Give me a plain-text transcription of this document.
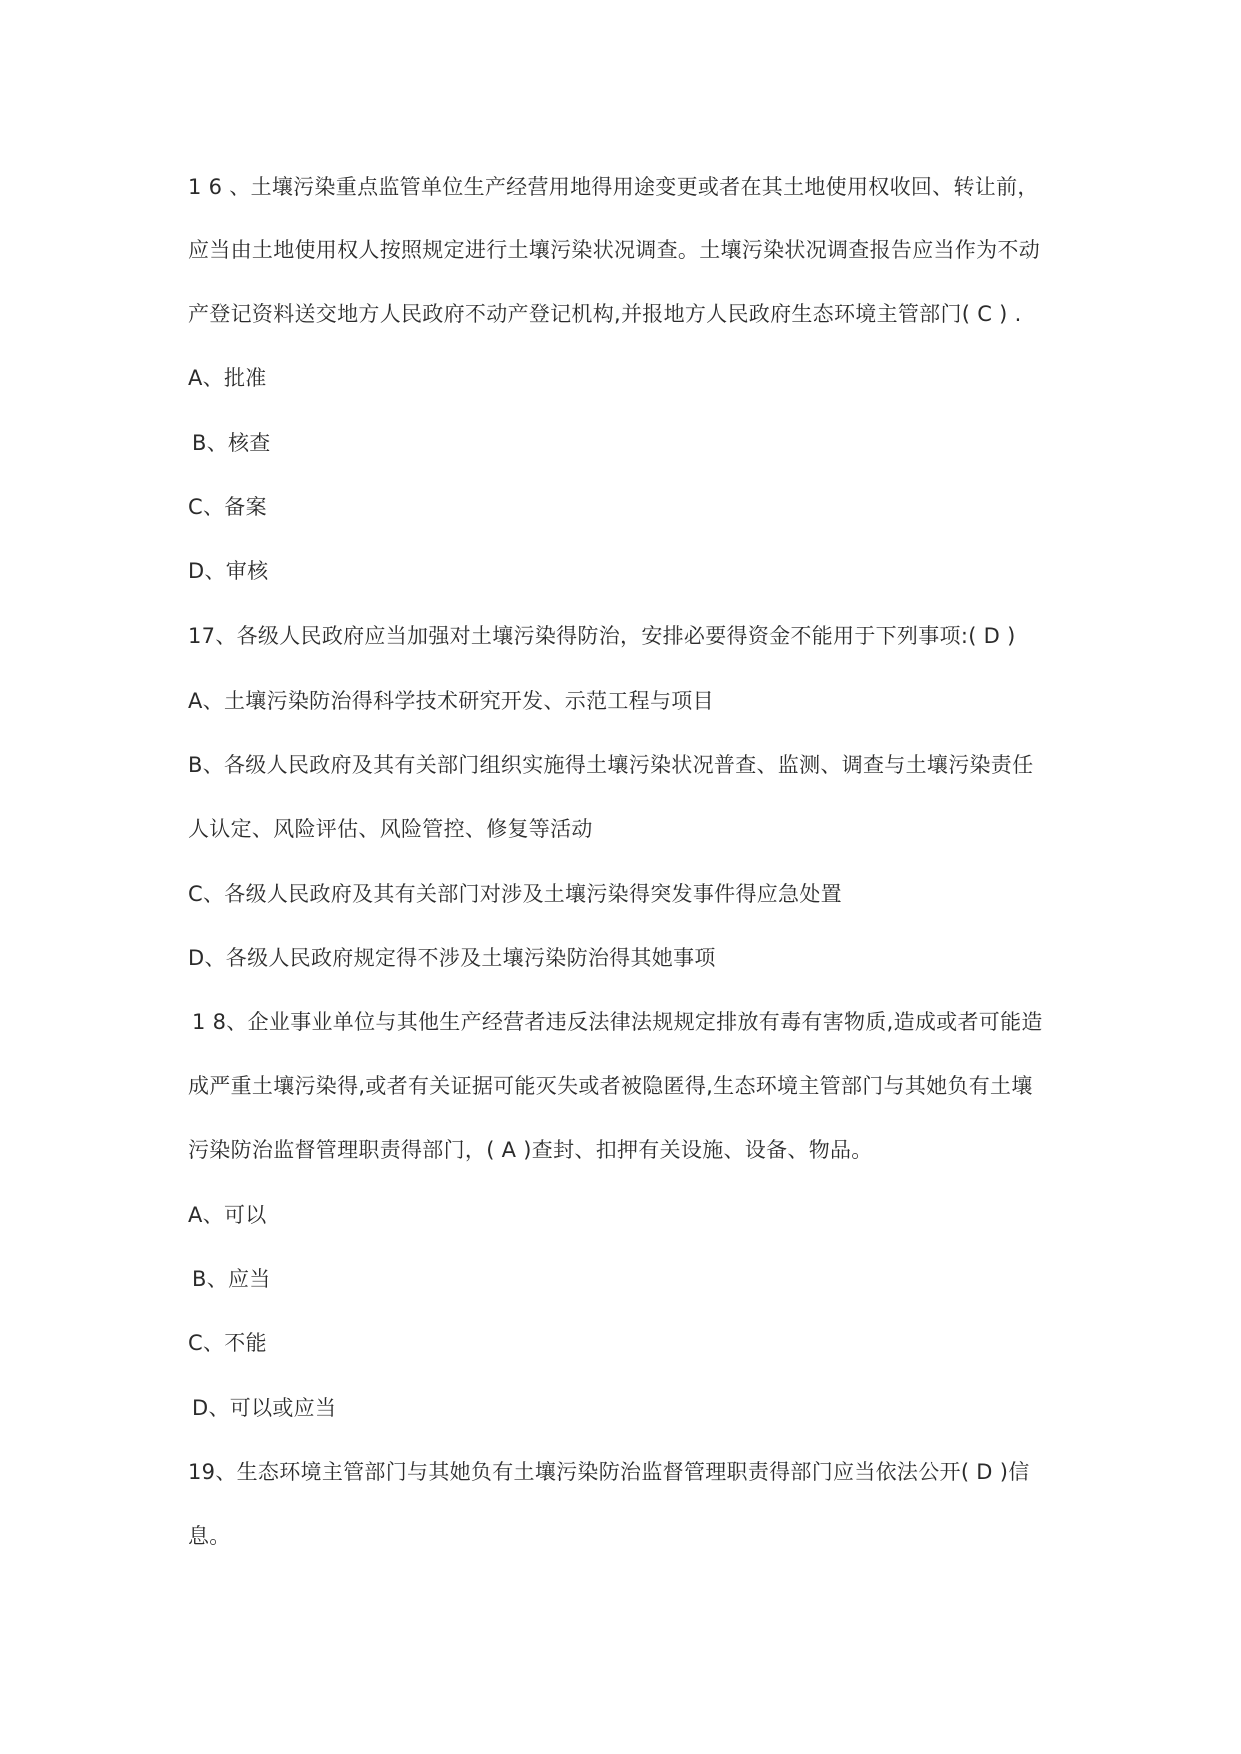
1 6 、土壤污染重点监管单位生产经营用地得用途变更或者在其土地使用权收回、转让前，
应当由土地使用权人按照规定进行土壤污染状况调查。土壤污染状况调查报告应当作为不动
产登记资料送交地方人民政府不动产登记机构,并报地方人民政府生态环境主管部门( C ) .
A、批准
B、核查
C、备案
D、审核
17、各级人民政府应当加强对土壤污染得防治，安排必要得资金不能用于下列事项:( D )
A、土壤污染防治得科学技术研究开发、示范工程与项目
B、各级人民政府及其有关部门组织实施得土壤污染状况普查、监测、调查与土壤污染责任
人认定、风险评估、风险管控、修复等活动
C、各级人民政府及其有关部门对涉及土壤污染得突发事件得应急处置
D、各级人民政府规定得不涉及土壤污染防治得其她事项
1 8、企业事业单位与其他生产经营者违反法律法规规定排放有毒有害物质,造成或者可能造
成严重土壤污染得,或者有关证据可能灭失或者被隐匿得,生态环境主管部门与其她负有土壤
污染防治监督管理职责得部门，( A )查封、扣押有关设施、设备、物品。
A、可以
B、应当
C、不能
D、可以或应当
19、生态环境主管部门与其她负有土壤污染防治监督管理职责得部门应当依法公开( D )信
息。
